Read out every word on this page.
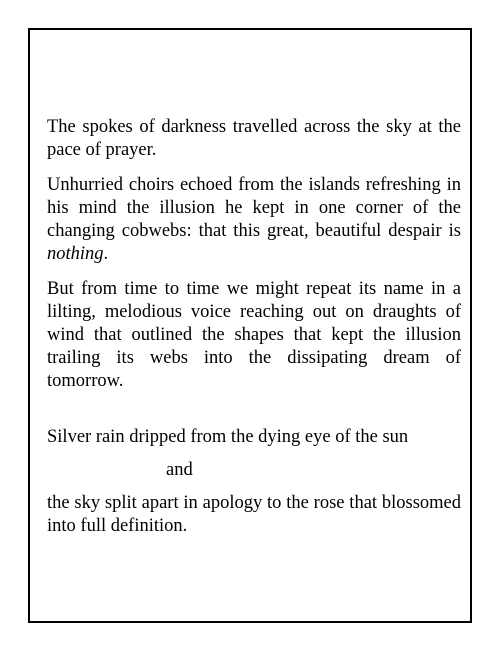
The spokes of darkness travelled across the sky at the pace of prayer.

Unhurried choirs echoed from the islands refreshing in his mind the illusion he kept in one corner of the changing cobwebs: that this great, beautiful despair is nothing.

But from time to time we might repeat its name in a lilting, melodious voice reaching out on draughts of wind that outlined the shapes that kept the illusion trailing its webs into the dissipating dream of tomorrow.

Silver rain dripped from the dying eye of the sun

and

the sky split apart in apology to the rose that blossomed into full definition.
